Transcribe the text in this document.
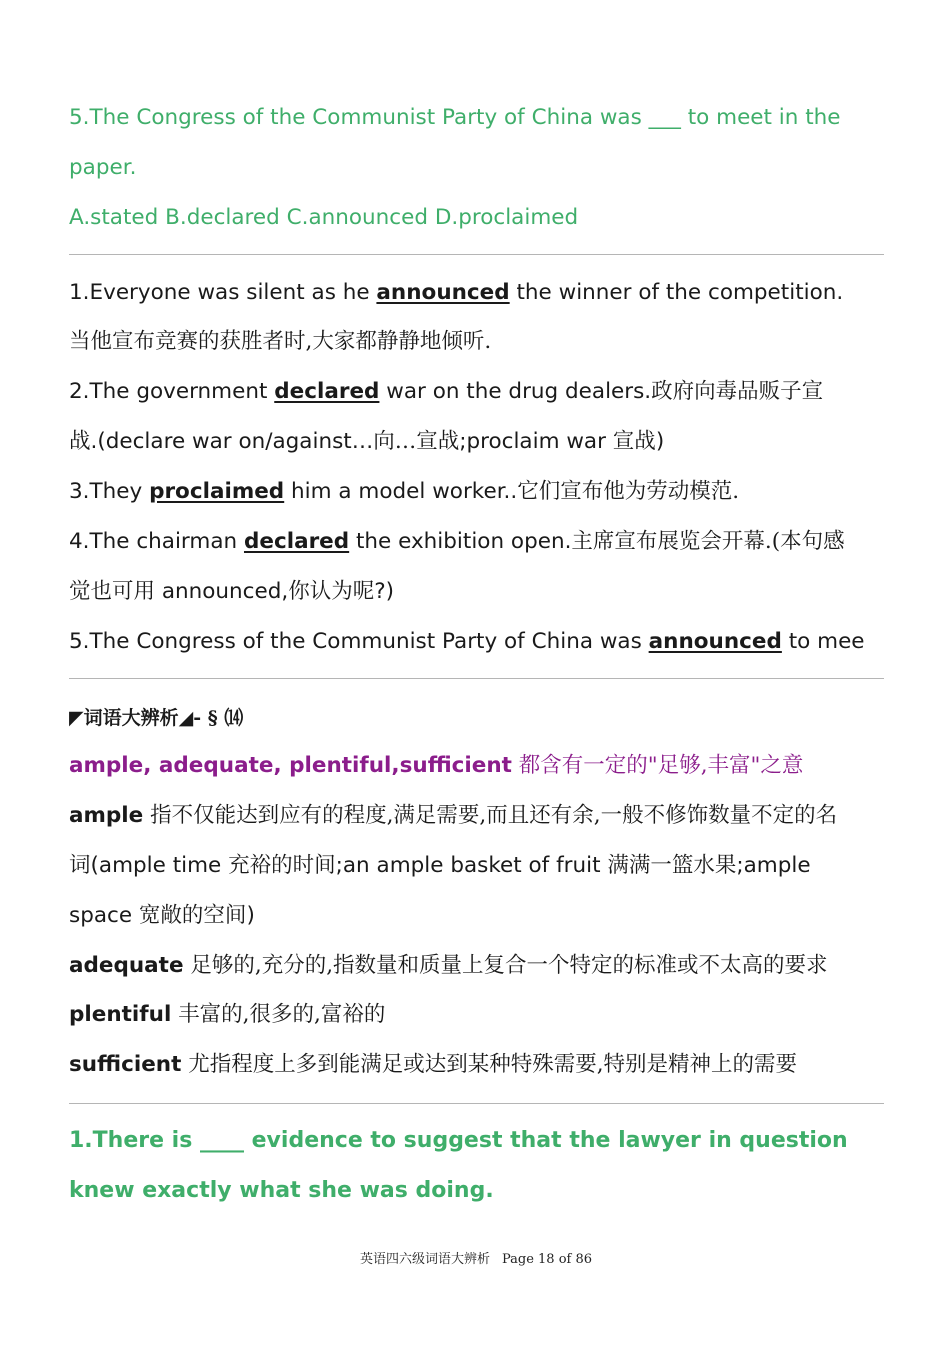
5.The Congress of the Communist Party of China was ___ to meet in the
paper.
A.stated B.declared C.announced D.proclaimed
1.Everyone was silent as he announced the winner of the competition.
当他宣布竞赛的获胜者时,大家都静静地倾听.
2.The government declared war on the drug dealers.政府向毒品贩子宣
战.(declare war on/against…向…宣战;proclaim war 宣战)
3.They proclaimed him a model worker..它们宣布他为劳动模范.
4.The chairman declared the exhibition open.主席宣布展览会开幕.(本句感
觉也可用 announced,你认为呢?)
5.The Congress of the Communist Party of China was announced to mee
◤词语大辨析◢- § ⒁
ample, adequate, plentiful,sufficient 都含有一定的"足够,丰富"之意
ample 指不仅能达到应有的程度,满足需要,而且还有余,一般不修饰数量不定的名
词(ample time 充裕的时间;an ample basket of fruit 满满一篮水果;ample
space 宽敞的空间)
adequate 足够的,充分的,指数量和质量上复合一个特定的标准或不太高的要求
plentiful 丰富的,很多的,富裕的
sufficient 尤指程度上多到能满足或达到某种特殊需要,特别是精神上的需要
1.There is ____ evidence to suggest that the lawyer in question
knew exactly what she was doing.
英语四六级词语大辨析 Page 18 of 86
